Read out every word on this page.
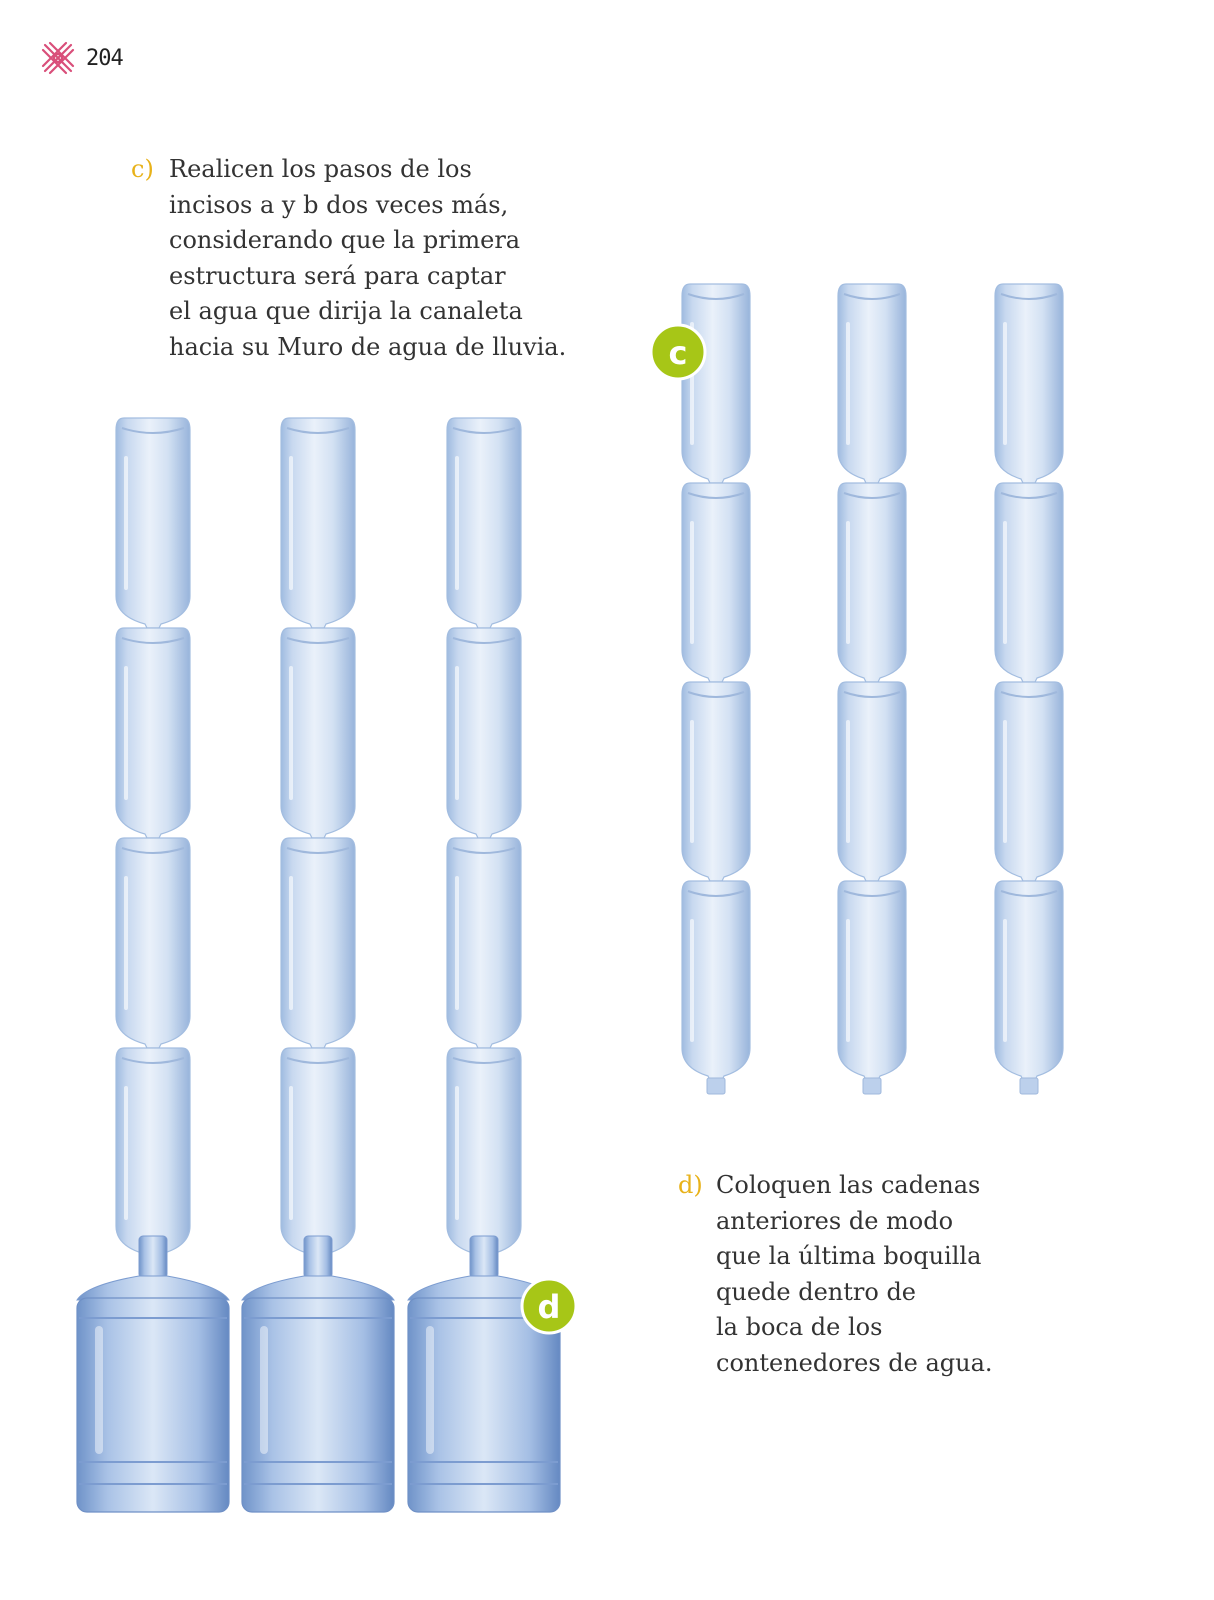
204
c) Realicen los pasos de los

incisos a y b dos veces más,

considerando que la primera

estructura será para captar

el agua que dirija la canaleta

hacia su Muro de agua de lluvia.

d) Coloquen las cadenas

anteriores de modo

que la última boquilla

quede dentro de

la boca de los

contenedores de agua.

c
d
